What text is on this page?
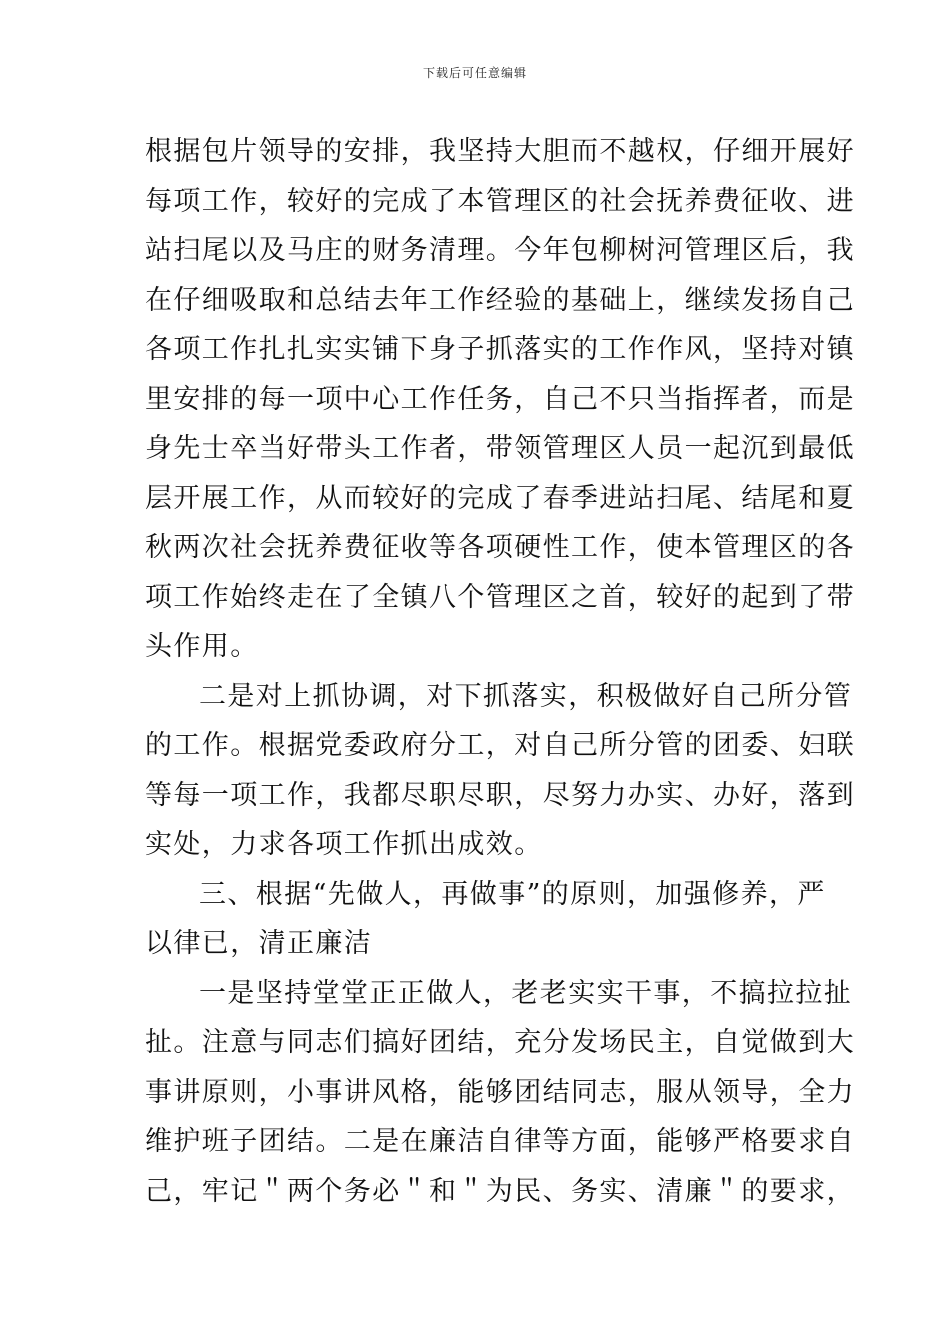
下载后可任意编辑
根据包片领导的安排，我坚持大胆而不越权，仔细开展好
每项工作，较好的完成了本管理区的社会抚养费征收、进
站扫尾以及马庄的财务清理。今年包柳树河管理区后，我
在仔细吸取和总结去年工作经验的基础上，继续发扬自己
各项工作扎扎实实铺下身子抓落实的工作作风，坚持对镇
里安排的每一项中心工作任务，自己不只当指挥者，而是
身先士卒当好带头工作者，带领管理区人员一起沉到最低
层开展工作，从而较好的完成了春季进站扫尾、结尾和夏
秋两次社会抚养费征收等各项硬性工作，使本管理区的各
项工作始终走在了全镇八个管理区之首，较好的起到了带
头作用。
二是对上抓协调，对下抓落实，积极做好自己所分管
的工作。根据党委政府分工，对自己所分管的团委、妇联
等每一项工作，我都尽职尽职，尽努力办实、办好，落到
实处，力求各项工作抓出成效。
三、根据“先做人，再做事”的原则，加强修养，严
以律已，清正廉洁
一是坚持堂堂正正做人，老老实实干事，不搞拉拉扯
扯。注意与同志们搞好团结，充分发场民主，自觉做到大
事讲原则，小事讲风格，能够团结同志，服从领导，全力
维护班子团结。二是在廉洁自律等方面，能够严格要求自
己，牢记＂两个务必＂和＂为民、务实、清廉＂的要求，
